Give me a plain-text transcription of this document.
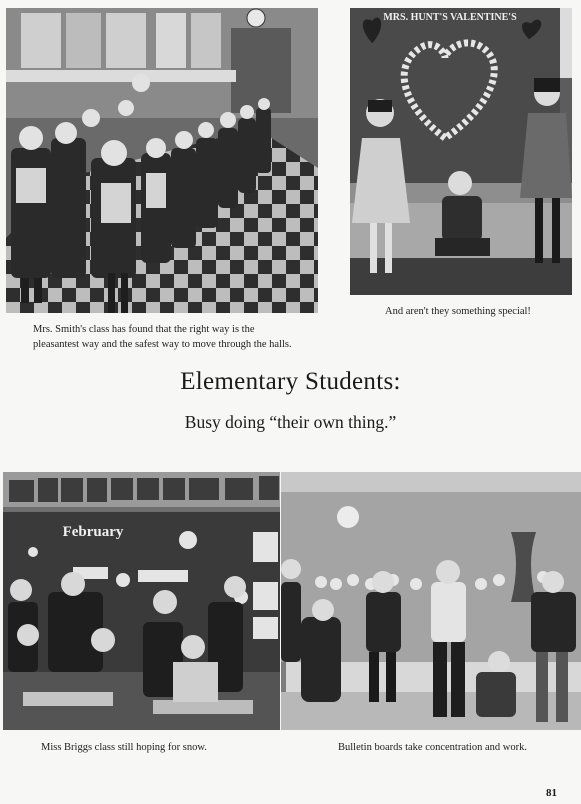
MRS. HUNT'S VALENTINE'S
February
Mrs. Smith's class has found that the right way is the pleasantest way and the safest way to move through the halls.
And aren't they something special!
Elementary Students:
Busy doing “their own thing.”
Miss Briggs class still hoping for snow.	Bulletin boards take concentration and work.
81
